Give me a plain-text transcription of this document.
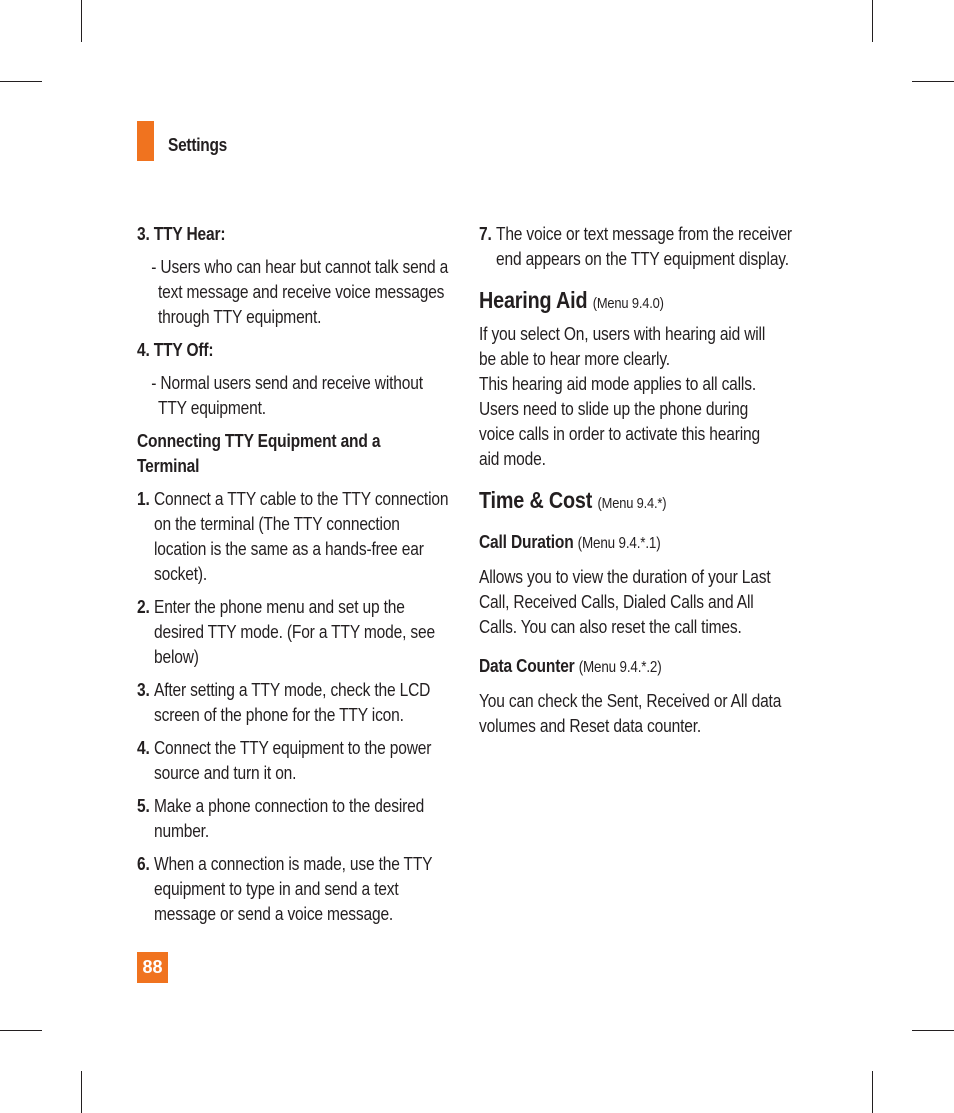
Settings
3. TTY Hear:
- Users who can hear but cannot talk send a
text message and receive voice messages
through TTY equipment.
4. TTY Off:
- Normal users send and receive without
TTY equipment.
Connecting TTY Equipment and a
Terminal
1. Connect a TTY cable to the TTY connection
on the terminal (The TTY connection
location is the same as a hands-free ear
socket).
2. Enter the phone menu and set up the
desired TTY mode. (For a TTY mode, see
below)
3. After setting a TTY mode, check the LCD
screen of the phone for the TTY icon.
4. Connect the TTY equipment to the power
source and turn it on.
5. Make a phone connection to the desired
number.
6. When a connection is made, use the TTY
equipment to type in and send a text
message or send a voice message.
7. The voice or text message from the receiver
end appears on the TTY equipment display.
Hearing Aid (Menu 9.4.0)
If you select On, users with hearing aid will
be able to hear more clearly.
This hearing aid mode applies to all calls.
Users need to slide up the phone during
voice calls in order to activate this hearing
aid mode.
Time & Cost (Menu 9.4.*)
Call Duration (Menu 9.4.*.1)
Allows you to view the duration of your Last
Call, Received Calls, Dialed Calls and All
Calls. You can also reset the call times.
Data Counter (Menu 9.4.*.2)
You can check the Sent, Received or All data
volumes and Reset data counter.
88
